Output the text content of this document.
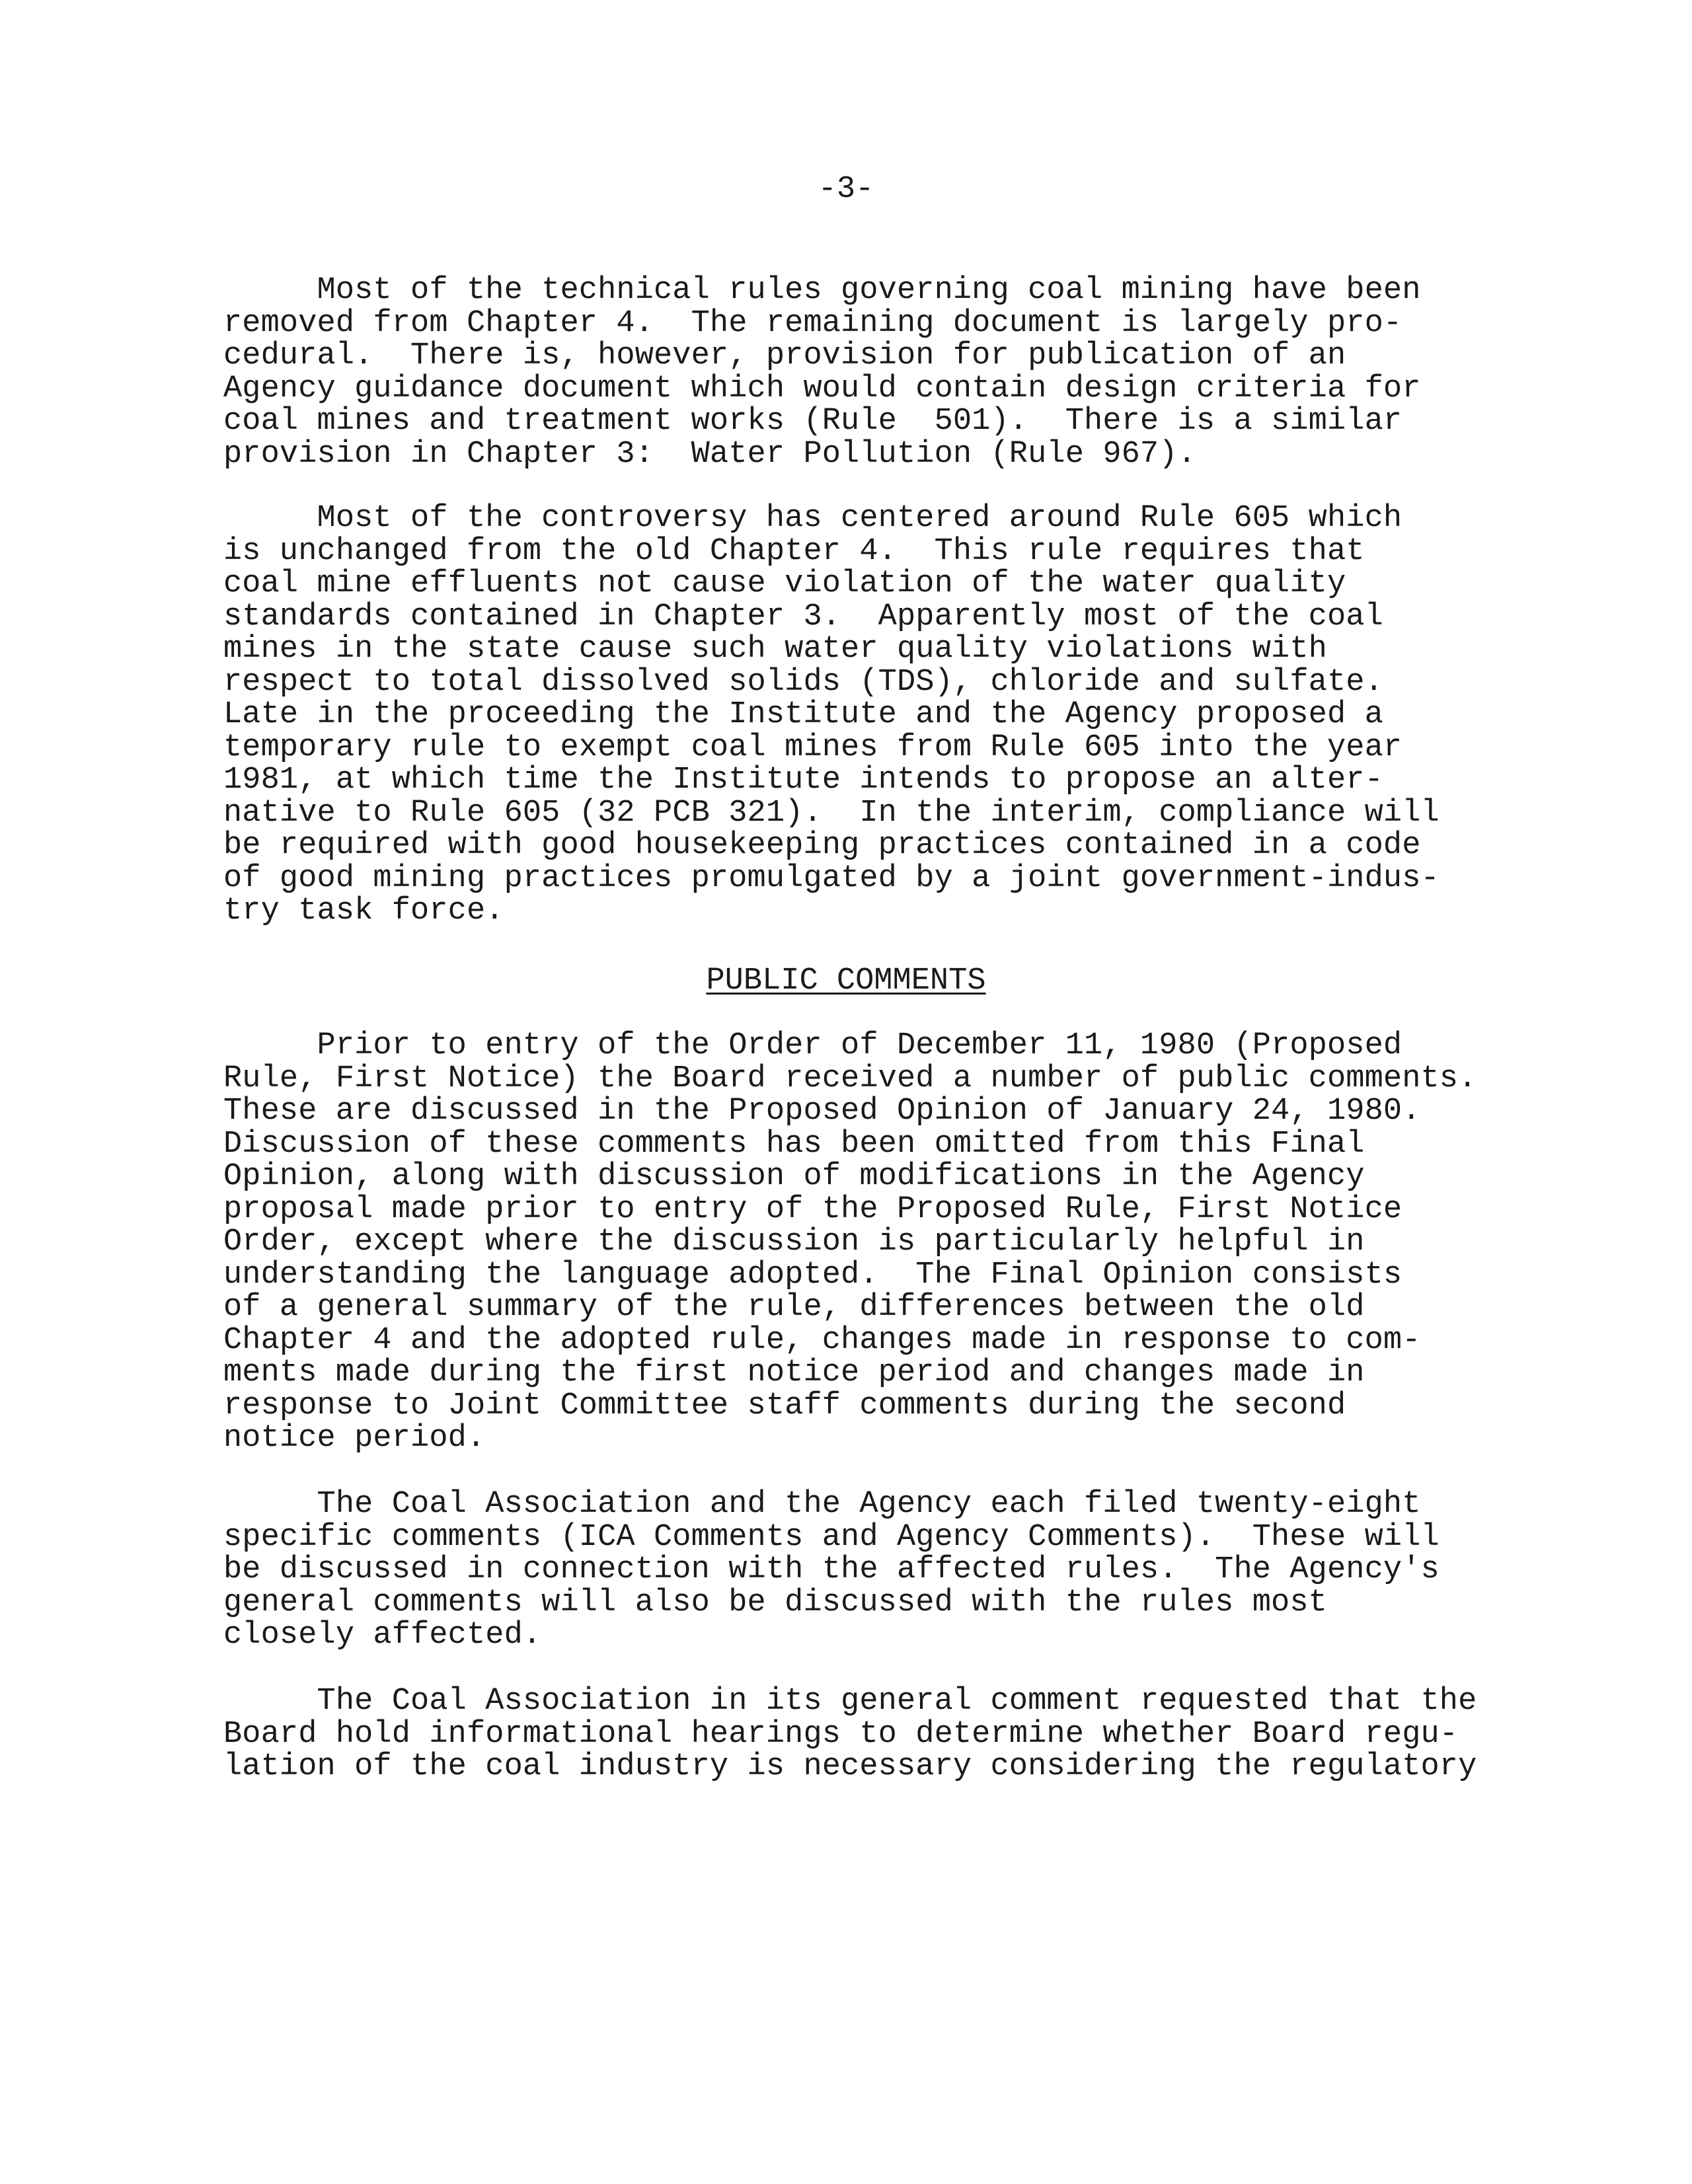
-3-

Most of the technical rules governing coal mining have been
removed from Chapter 4.  The remaining document is largely pro-
cedural.  There is, however, provision for publication of an
Agency guidance document which would contain design criteria for
coal mines and treatment works (Rule  501).  There is a similar
provision in Chapter 3:  Water Pollution (Rule 967).

Most of the controversy has centered around Rule 605 which
is unchanged from the old Chapter 4.  This rule requires that
coal mine effluents not cause violation of the water quality
standards contained in Chapter 3.  Apparently most of the coal
mines in the state cause such water quality violations with
respect to total dissolved solids (TDS), chloride and sulfate.
Late in the proceeding the Institute and the Agency proposed a
temporary rule to exempt coal mines from Rule 605 into the year
1981, at which time the Institute intends to propose an alter-
native to Rule 605 (32 PCB 321).  In the interim, compliance will
be required with good housekeeping practices contained in a code
of good mining practices promulgated by a joint government-indus-
try task force.

PUBLIC COMMENTS

Prior to entry of the Order of December 11, 1980 (Proposed
Rule, First Notice) the Board received a number of public comments.
These are discussed in the Proposed Opinion of January 24, 1980.
Discussion of these comments has been omitted from this Final
Opinion, along with discussion of modifications in the Agency
proposal made prior to entry of the Proposed Rule, First Notice
Order, except where the discussion is particularly helpful in
understanding the language adopted.  The Final Opinion consists
of a general summary of the rule, differences between the old
Chapter 4 and the adopted rule, changes made in response to com-
ments made during the first notice period and changes made in
response to Joint Committee staff comments during the second
notice period.

The Coal Association and the Agency each filed twenty-eight
specific comments (ICA Comments and Agency Comments).  These will
be discussed in connection with the affected rules.  The Agency's
general comments will also be discussed with the rules most
closely affected.

The Coal Association in its general comment requested that the
Board hold informational hearings to determine whether Board regu-
lation of the coal industry is necessary considering the regulatory
